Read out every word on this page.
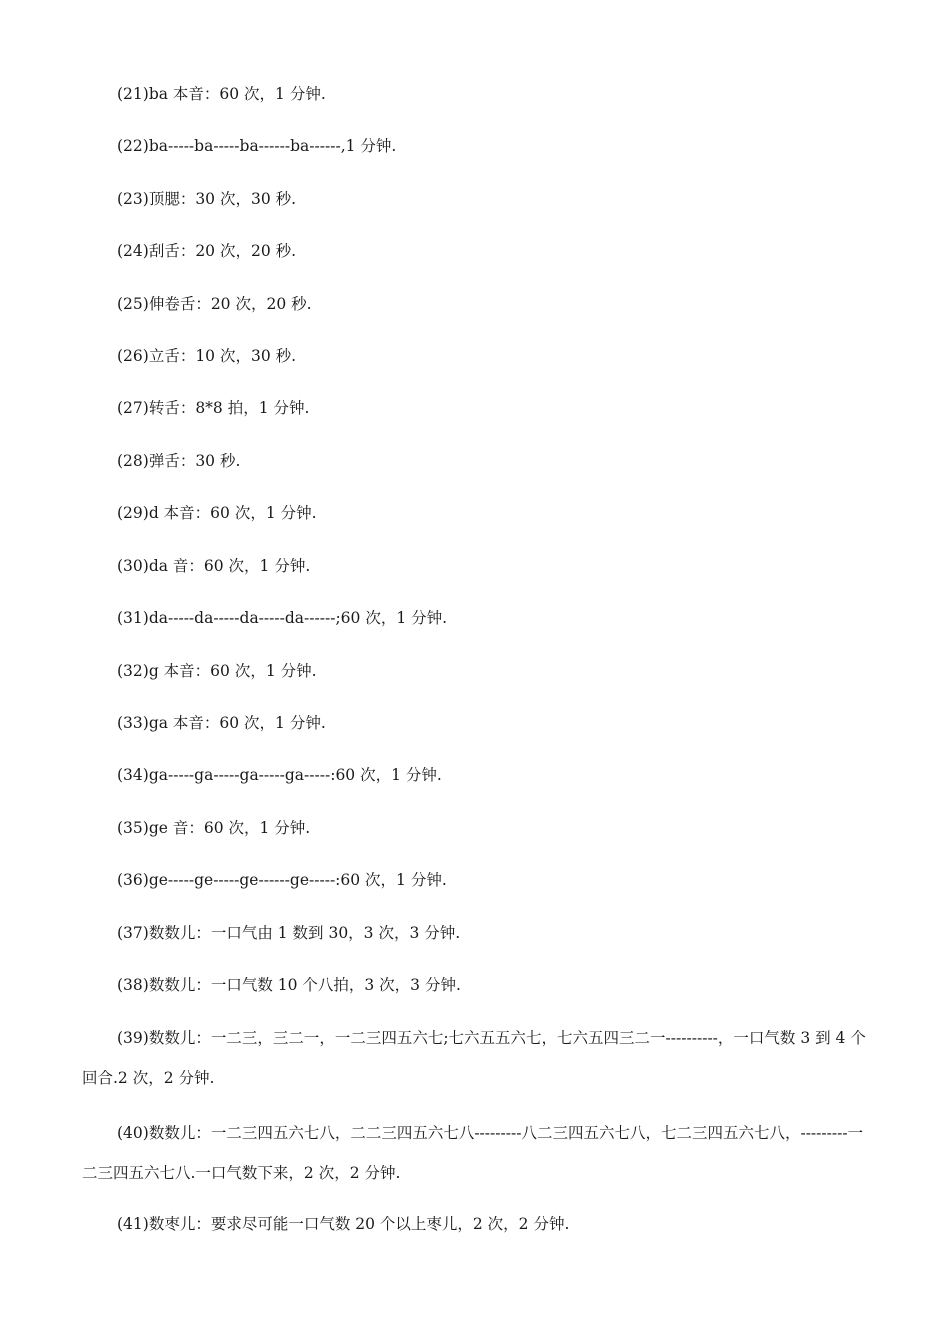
(21)ba 本音：60 次，1 分钟.
(22)ba-----ba-----ba------ba------,1 分钟.
(23)顶腮：30 次，30 秒.
(24)刮舌：20 次，20 秒.
(25)伸卷舌：20 次，20 秒.
(26)立舌：10 次，30 秒.
(27)转舌：8*8 拍，1 分钟.
(28)弹舌：30 秒.
(29)d 本音：60 次，1 分钟.
(30)da 音：60 次，1 分钟.
(31)da-----da-----da-----da------;60 次，1 分钟.
(32)g 本音：60 次，1 分钟.
(33)ga 本音：60 次，1 分钟.
(34)ga-----ga-----ga-----ga-----:60 次，1 分钟.
(35)ge 音：60 次，1 分钟.
(36)ge-----ge-----ge------ge-----:60 次，1 分钟.
(37)数数儿：一口气由 1 数到 30，3 次，3 分钟.
(38)数数儿：一口气数 10 个八拍，3 次，3 分钟.
(39)数数儿：一二三，三二一，一二三四五六七;七六五五六七，七六五四三二一----------，一口气数 3 到 4 个回合.2 次，2 分钟.
(40)数数儿：一二三四五六七八，二二三四五六七八---------八二三四五六七八，七二三四五六七八，---------一二三四五六七八.一口气数下来，2 次，2 分钟.
(41)数枣儿：要求尽可能一口气数 20 个以上枣儿，2 次，2 分钟.
